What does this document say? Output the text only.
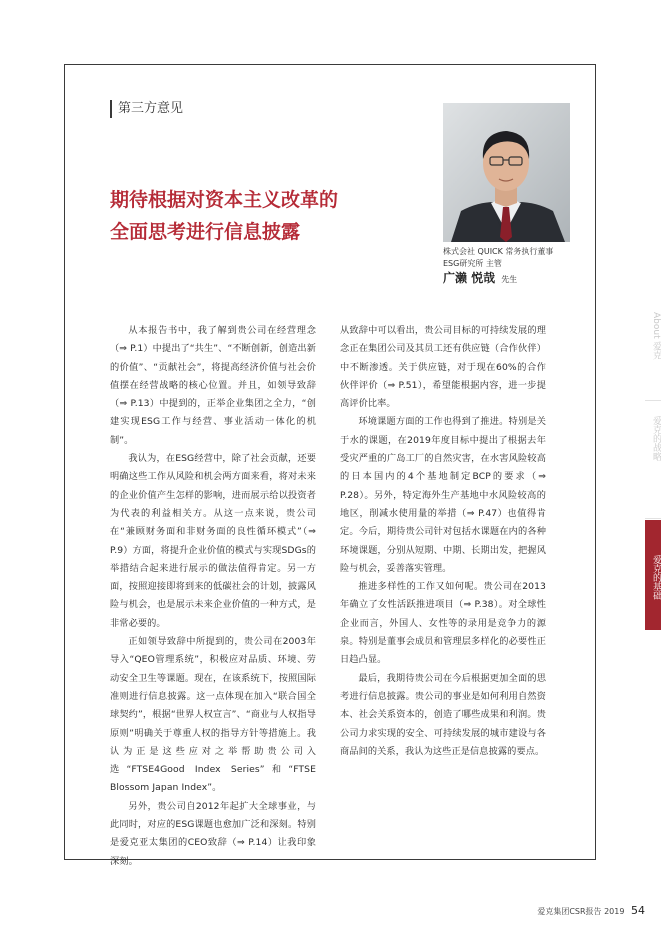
第三方意见
期待根据对资本主义改革的
全面思考进行信息披露
株式会社 QUICK 常务执行董事
ESG研究所 主管
广濑 悦哉 先生

从本报告书中，我了解到贵公司在经营理念（⇒ P.1）中提出了“共生”、“不断创新，创造出新的价值”、“贡献社会”，将提高经济价值与社会价值摆在经营战略的核心位置。并且，如领导致辞（⇒ P.13）中提到的，正举企业集团之全力，“创建实现ESG工作与经营、事业活动一体化的机制”。

我认为，在ESG经营中，除了社会贡献，还要明确这些工作从风险和机会两方面来看，将对未来的企业价值产生怎样的影响，进而展示给以投资者为代表的利益相关方。从这一点来说，贵公司在“兼顾财务面和非财务面的良性循环模式”（⇒ P.9）方面，将提升企业价值的模式与实现SDGs的举措结合起来进行展示的做法值得肯定。另一方面，按照迎接即将到来的低碳社会的计划，披露风险与机会，也是展示未来企业价值的一种方式，是非常必要的。

正如领导致辞中所提到的，贵公司在2003年导入“QEO管理系统”，积极应对品质、环境、劳动安全卫生等课题。现在，在该系统下，按照国际准则进行信息披露。这一点体现在加入“联合国全球契约”，根据“世界人权宣言”、“商业与人权指导原则”明确关于尊重人权的指导方针等措施上。我认为正是这些应对之举帮助贵公司入选“FTSE4Good Index Series”和“FTSE Blossom Japan Index”。

另外，贵公司自2012年起扩大全球事业，与此同时，对应的ESG课题也愈加广泛和深刻。特别是爱克亚太集团的CEO致辞（⇒ P.14）让我印象深刻。

从致辞中可以看出，贵公司目标的可持续发展的理念正在集团公司及其员工还有供应链（合作伙伴）中不断渗透。关于供应链，对于现在60%的合作伙伴评价（⇒ P.51），希望能根据内容，进一步提高评价比率。

环境课题方面的工作也得到了推进。特别是关于水的课题，在2019年度目标中提出了根据去年受灾严重的广岛工厂的自然灾害，在水害风险较高的日本国内的4个基地制定BCP的要求（⇒ P.28）。另外，特定海外生产基地中水风险较高的地区，削减水使用量的举措（⇒ P.47）也值得肯定。今后，期待贵公司针对包括水课题在内的各种环境课题，分别从短期、中期、长期出发，把握风险与机会，妥善落实管理。

推进多样性的工作又如何呢。贵公司在2013年确立了女性活跃推进项目（⇒ P.38）。对全球性企业而言，外国人、女性等的录用是竞争力的源泉。特别是董事会成员和管理层多样化的必要性正日趋凸显。

最后，我期待贵公司在今后根据更加全面的思考进行信息披露。贵公司的事业是如何利用自然资本、社会关系资本的，创造了哪些成果和利润。贵公司力求实现的安全、可持续发展的城市建设与各商品间的关系，我认为这些正是信息披露的要点。

About 爱克
爱克的战略
爱克的基础
爱克集团CSR报告 2019 54
